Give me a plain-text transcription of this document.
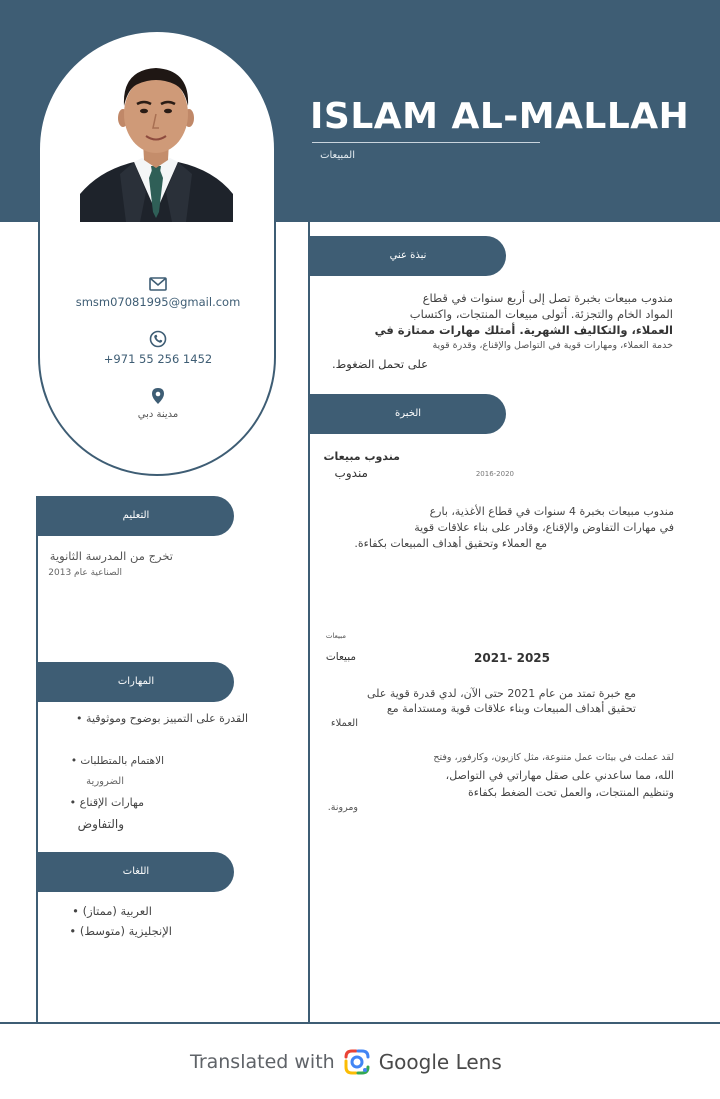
ISLAM AL-MALLAH
المبيعات
smsm07081995@gmail.com
+971 55 256 1452
مدينة دبي
التعليم
المهارات
اللغات
تخرج من المدرسة الثانوية
الصناعية عام 2013
القدرة على التمييز بوضوح وموثوقية •
الاهتمام بالمتطلبات •
الضرورية
مهارات الإقناع •
والتفاوض
العربية (ممتاز) •
الإنجليزية (متوسط) •
نبذة عني
الخبرة
مندوب مبيعات بخبرة تصل إلى أربع سنوات في قطاع
المواد الخام والتجزئة. أتولى مبيعات المنتجات، واكتساب
العملاء، والتكاليف الشهرية. أمتلك مهارات ممتازة في
خدمة العملاء، ومهارات قوية في التواصل والإقناع، وقدرة قوية
على تحمل الضغوط.
مندوب مبيعات
مندوب	2016-2020
مندوب مبيعات بخبرة 4 سنوات في قطاع الأغذية، بارع
في مهارات التفاوض والإقناع، وقادر على بناء علاقات قوية
مع العملاء وتحقيق أهداف المبيعات بكفاءة.
مبيعات
مبيعات	2021- 2025
مع خبرة تمتد من عام 2021 حتى الآن، لدي قدرة قوية على
تحقيق أهداف المبيعات وبناء علاقات قوية ومستدامة مع
العملاء
لقد عملت في بيئات عمل متنوعة، مثل كازيون، وكارفور، وفتح
الله، مما ساعدني على صقل مهاراتي في التواصل،
وتنظيم المنتجات، والعمل تحت الضغط بكفاءة
ومرونة.
Translated with Google Lens
